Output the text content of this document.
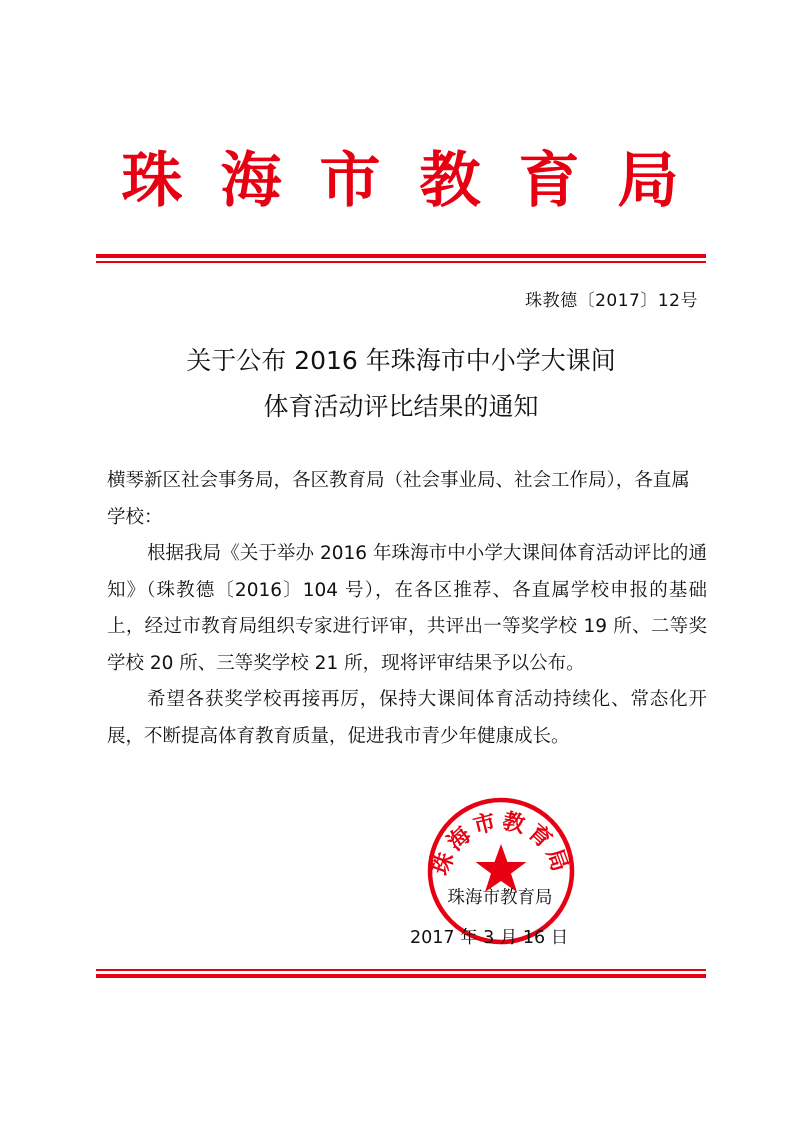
珠 海 市 教 育 局
珠教德〔2017〕12号
关于公布 2016 年珠海市中小学大课间
体育活动评比结果的通知

横琴新区社会事务局，各区教育局（社会事业局、社会工作局），各直属学校：

根据我局《关于举办 2016 年珠海市中小学大课间体育活动评比的通知》（珠教德〔2016〕104 号），在各区推荐、各直属学校申报的基础上，经过市教育局组织专家进行评审，共评出一等奖学校 19 所、二等奖学校 20 所、三等奖学校 21 所，现将评审结果予以公布。

希望各获奖学校再接再厉，保持大课间体育活动持续化、常态化开展，不断提高体育教育质量，促进我市青少年健康成长。

珠海市教育局
珠海市教育局
2017 年 3 月 16 日
